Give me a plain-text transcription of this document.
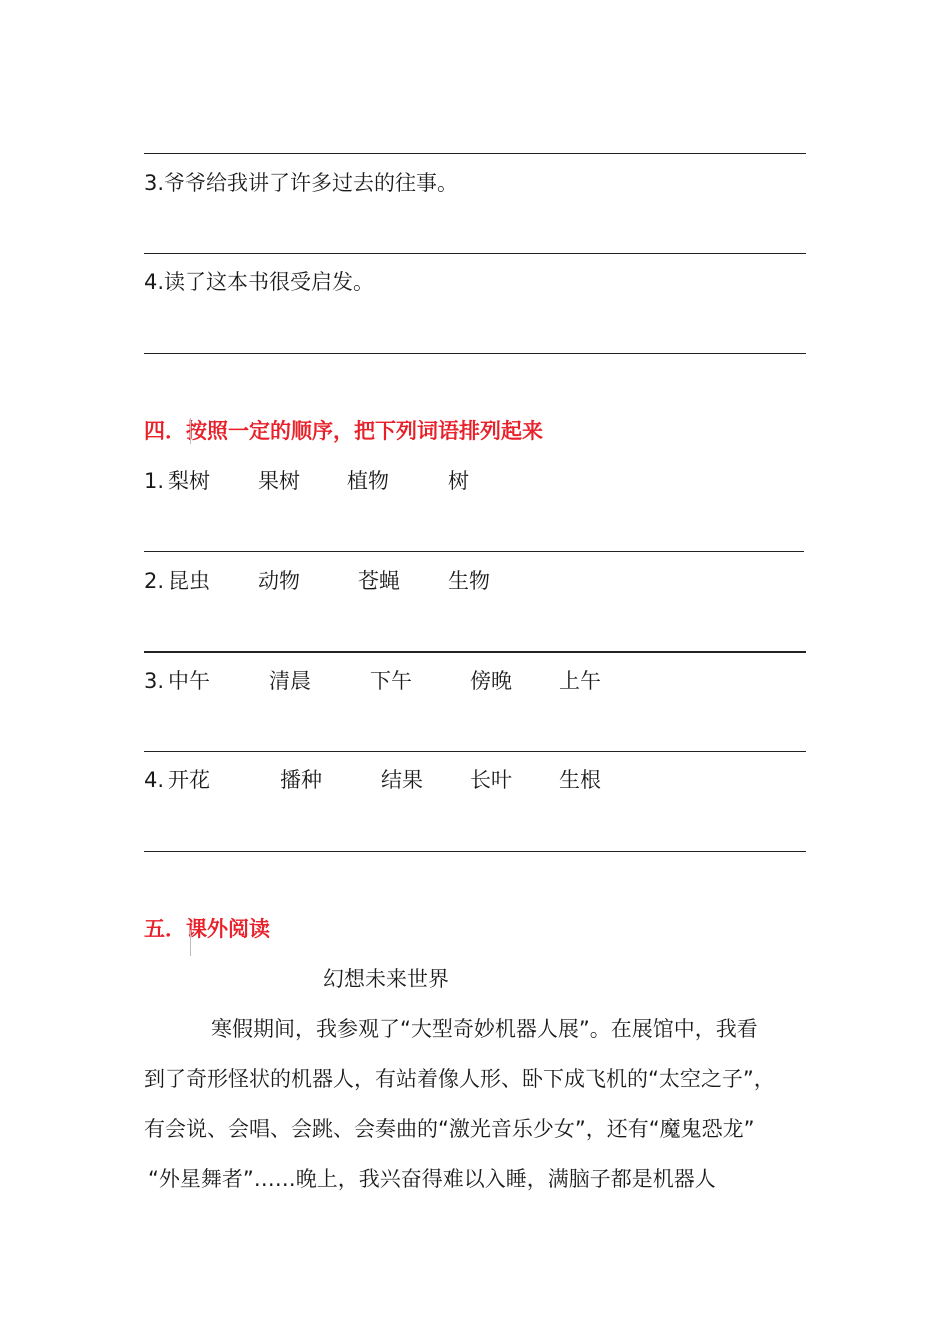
3.爷爷给我讲了许多过去的往事。
4.读了这本书很受启发。
四．按照一定的顺序，把下列词语排列起来
1. 梨树 果树 植物	树
2. 昆虫 动物	苍蝇 生物
3. 中午	清晨	下午	傍晚 上午
4. 开花	播种	结果 长叶 生根
五．课外阅读
幻想未来世界
寒假期间，我参观了“大型奇妙机器人展”。在展馆中，我看
到了奇形怪状的机器人，有站着像人形、卧下成飞机的“太空之子”，
有会说、会唱、会跳、会奏曲的“激光音乐少女”，还有“魔鬼恐龙”
“外星舞者”……晚上，我兴奋得难以入睡，满脑子都是机器人
